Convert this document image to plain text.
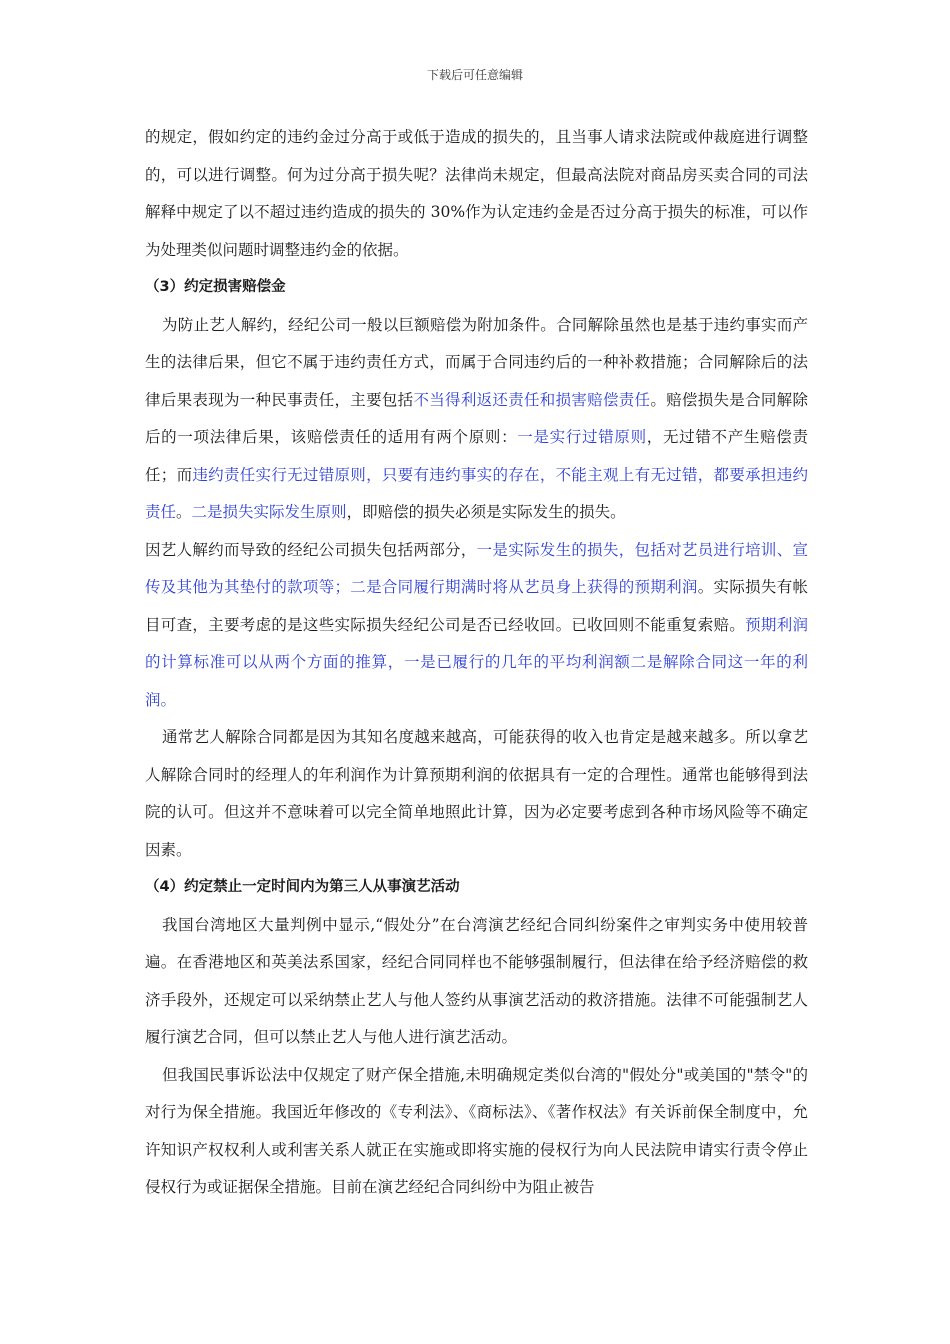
下载后可任意编辑

的规定，假如约定的违约金过分高于或低于造成的损失的，且当事人请求法院或仲裁庭进行调整的，可以进行调整。何为过分高于损失呢？法律尚未规定，但最高法院对商品房买卖合同的司法解释中规定了以不超过违约造成的损失的 30%作为认定违约金是否过分高于损失的标准，可以作为处理类似问题时调整违约金的依据。

（3）约定损害赔偿金

为防止艺人解约，经纪公司一般以巨额赔偿为附加条件。合同解除虽然也是基于违约事实而产生的法律后果，但它不属于违约责任方式，而属于合同违约后的一种补救措施；合同解除后的法律后果表现为一种民事责任，主要包括不当得利返还责任和损害赔偿责任。赔偿损失是合同解除后的一项法律后果，该赔偿责任的适用有两个原则：一是实行过错原则，无过错不产生赔偿责任；而违约责任实行无过错原则，只要有违约事实的存在，不能主观上有无过错，都要承担违约责任。二是损失实际发生原则，即赔偿的损失必须是实际发生的损失。

因艺人解约而导致的经纪公司损失包括两部分，一是实际发生的损失，包括对艺员进行培训、宣传及其他为其垫付的款项等；二是合同履行期满时将从艺员身上获得的预期利润。实际损失有帐目可查，主要考虑的是这些实际损失经纪公司是否已经收回。已收回则不能重复索赔。预期利润的计算标准可以从两个方面的推算，一是已履行的几年的平均利润额二是解除合同这一年的利润。

通常艺人解除合同都是因为其知名度越来越高，可能获得的收入也肯定是越来越多。所以拿艺人解除合同时的经理人的年利润作为计算预期利润的依据具有一定的合理性。通常也能够得到法院的认可。但这并不意味着可以完全简单地照此计算，因为必定要考虑到各种市场风险等不确定因素。

（4）约定禁止一定时间内为第三人从事演艺活动

我国台湾地区大量判例中显示,“假处分”在台湾演艺经纪合同纠纷案件之审判实务中使用较普遍。在香港地区和英美法系国家，经纪合同同样也不能够强制履行，但法律在给予经济赔偿的救济手段外，还规定可以采纳禁止艺人与他人签约从事演艺活动的救济措施。法律不可能强制艺人履行演艺合同，但可以禁止艺人与他人进行演艺活动。

但我国民事诉讼法中仅规定了财产保全措施,未明确规定类似台湾的"假处分"或美国的"禁令"的对行为保全措施。我国近年修改的《专利法》、《商标法》、《著作权法》有关诉前保全制度中，允许知识产权权利人或利害关系人就正在实施或即将实施的侵权行为向人民法院申请实行责令停止侵权行为或证据保全措施。目前在演艺经纪合同纠纷中为阻止被告
